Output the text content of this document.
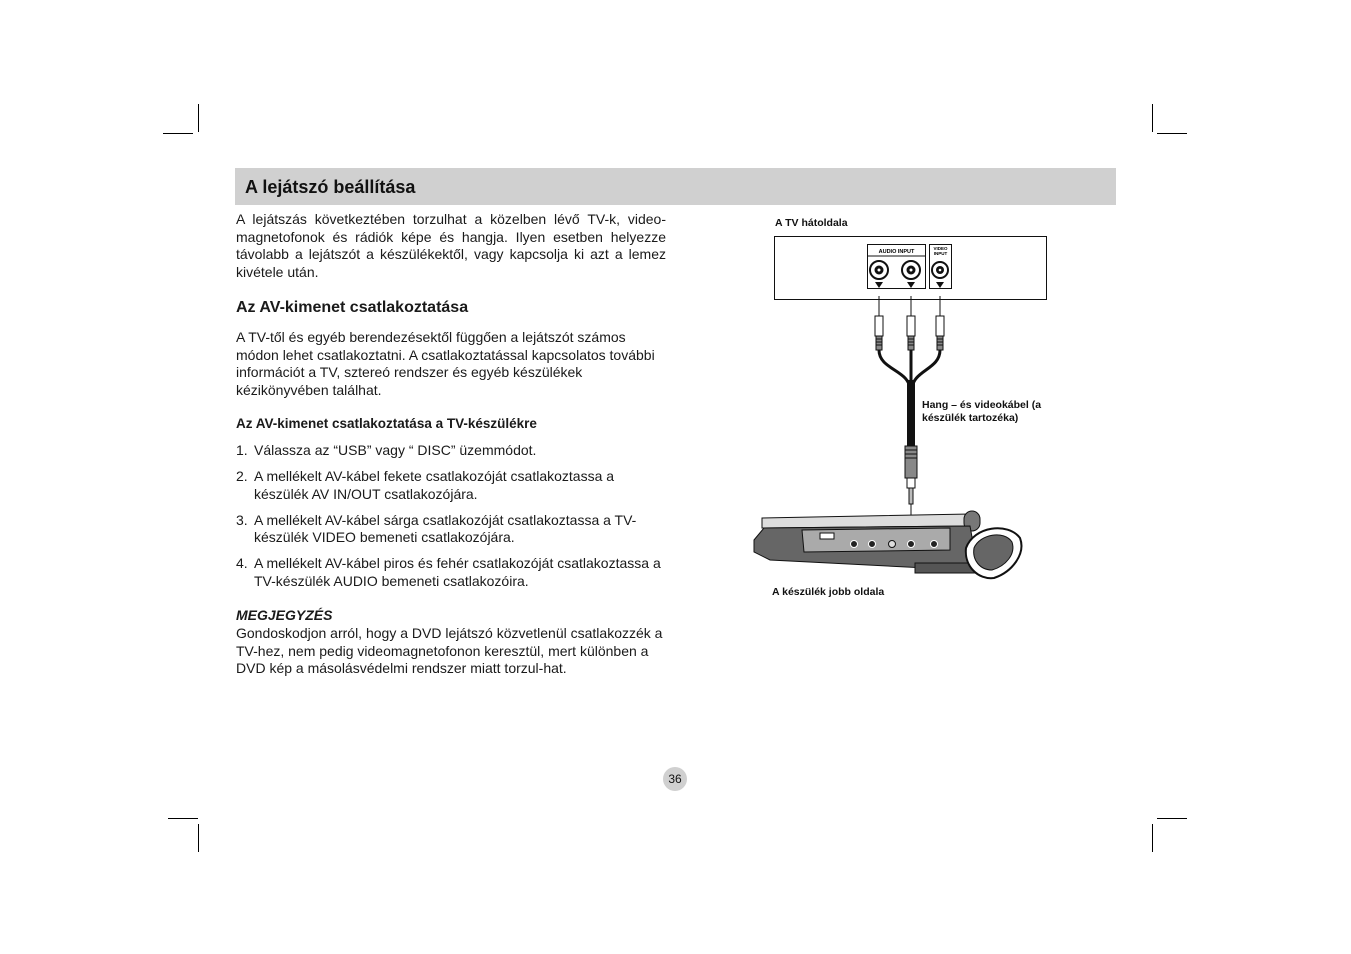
A lejátszó beállítása

A lejátszás következtében torzulhat a közelben lévő TV-k, video-magnetofonok és rádiók képe és hangja. Ilyen esetben helyezze távolabb a lejátszót a készülékektől, vagy kapcsolja ki azt a lemez kivétele után.

Az AV-kimenet csatlakoztatása

A TV-től és egyéb berendezésektől függően a lejátszót számos módon lehet csatlakoztatni. A csatlakoztatással kapcsolatos további információt a TV, sztereó rendszer és egyéb készülékek kézikönyvében találhat.

Az AV-kimenet csatlakoztatása a TV-készülékre
1. Válassza az “USB” vagy “ DISC” üzemmódot.
2. A mellékelt AV-kábel fekete csatlakozóját csatlakoztassa a készülék AV IN/OUT csatlakozójára.
3. A mellékelt AV-kábel sárga csatlakozóját csatlakoztassa a TV-készülék VIDEO bemeneti csatlakozójára.
4. A mellékelt AV-kábel piros és fehér csatlakozóját csatlakoztassa a TV-készülék AUDIO bemeneti csatlakozóira.

MEGJEGYZÉS

Gondoskodjon arról, hogy a DVD lejátszó közvetlenül csatlakozzék a TV-hez, nem pedig videomagnetofonon keresztül, mert különben a DVD kép a másolásvédelmi rendszer miatt torzul-hat.

A TV hátoldala
Hang – és videokábel (a készülék tartozéka)
A készülék jobb oldala
AUDIO INPUT
VIDEO
INPUT
36
